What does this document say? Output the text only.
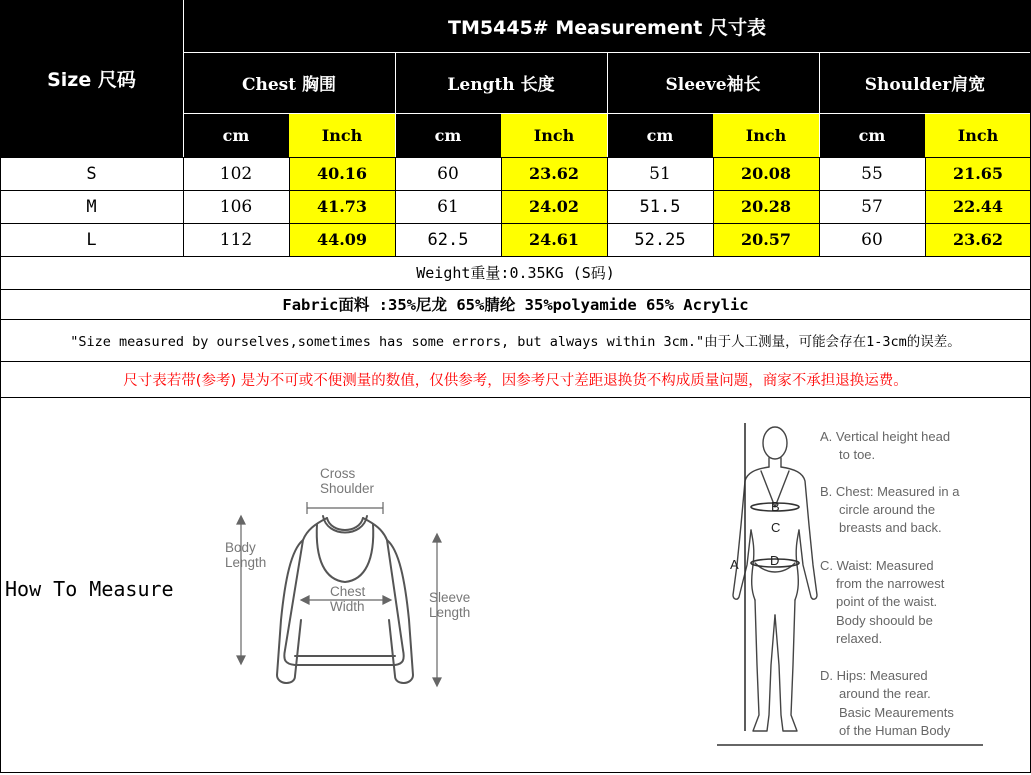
Size 尺码
TM5445# Measurement 尺寸表
Chest 胸围	Length 长度	Sleeve袖长	Shoulder肩宽
cm	Inch	cm	Inch	cm	Inch	cm	Inch
S	102	40.16	60	23.62	51	20.08	55	21.65
M	106	41.73	61	24.02	51.5	20.28	57	22.44
L	112	44.09	62.5	24.61	52.25	20.57	60	23.62
Weight重量:0.35KG (S码)
Fabric面料 :35%尼龙 65%腈纶 35%polyamide 65% Acrylic
"Size measured by ourselves,sometimes has some errors, but always within 3cm."由于人工测量，可能会存在1-3cm的误差。
尺寸表若带(参考) 是为不可或不便测量的数值，仅供参考，因参考尺寸差距退换货不构成质量问题，商家不承担退换运费。
How To Measure
Cross Shoulder
Body Length
Chest Width
Sleeve Length
B
C
D
A
A. Vertical height head to toe.
B. Chest: Measured in a circle around the breasts and back.
C. Waist: Measured from the narrowest point of the waist. Body shoould be relaxed.
D. Hips: Measured around the rear. Basic Meaurements of the Human Body
